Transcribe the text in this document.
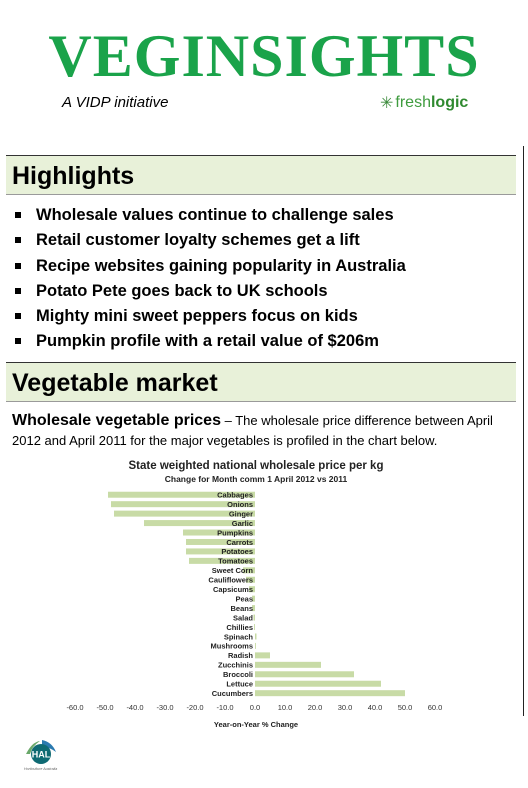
VEGINSIGHTS
A VIDP initiative	✳ fresh logic
Highlights
Wholesale values continue to challenge sales
Retail customer loyalty schemes get a lift
Recipe websites gaining popularity in Australia
Potato Pete goes back to UK schools
Mighty mini sweet peppers focus on kids
Pumpkin profile with a retail value of $206m
Vegetable market
Wholesale vegetable prices – The wholesale price difference between April 2012 and April 2011 for the major vegetables is profiled in the chart below.
State weighted national wholesale price per kg
Change for Month comm 1 April 2012 vs 2011
Cabbages
Onions
Ginger
Garlic
Pumpkins
Carrots
Potatoes
Tomatoes
Sweet Corn
Cauliflowers
Capsicums
Peas
Beans
Salad
Chillies
Spinach
Mushrooms
Radish
Zucchinis
Broccoli
Lettuce
Cucumbers
-60.0 -50.0 -40.0 -30.0 -20.0 -10.0 0.0 10.0 20.0 30.0 40.0 50.0 60.0
Year-on-Year % Change
HAL
Horticulture Australia
